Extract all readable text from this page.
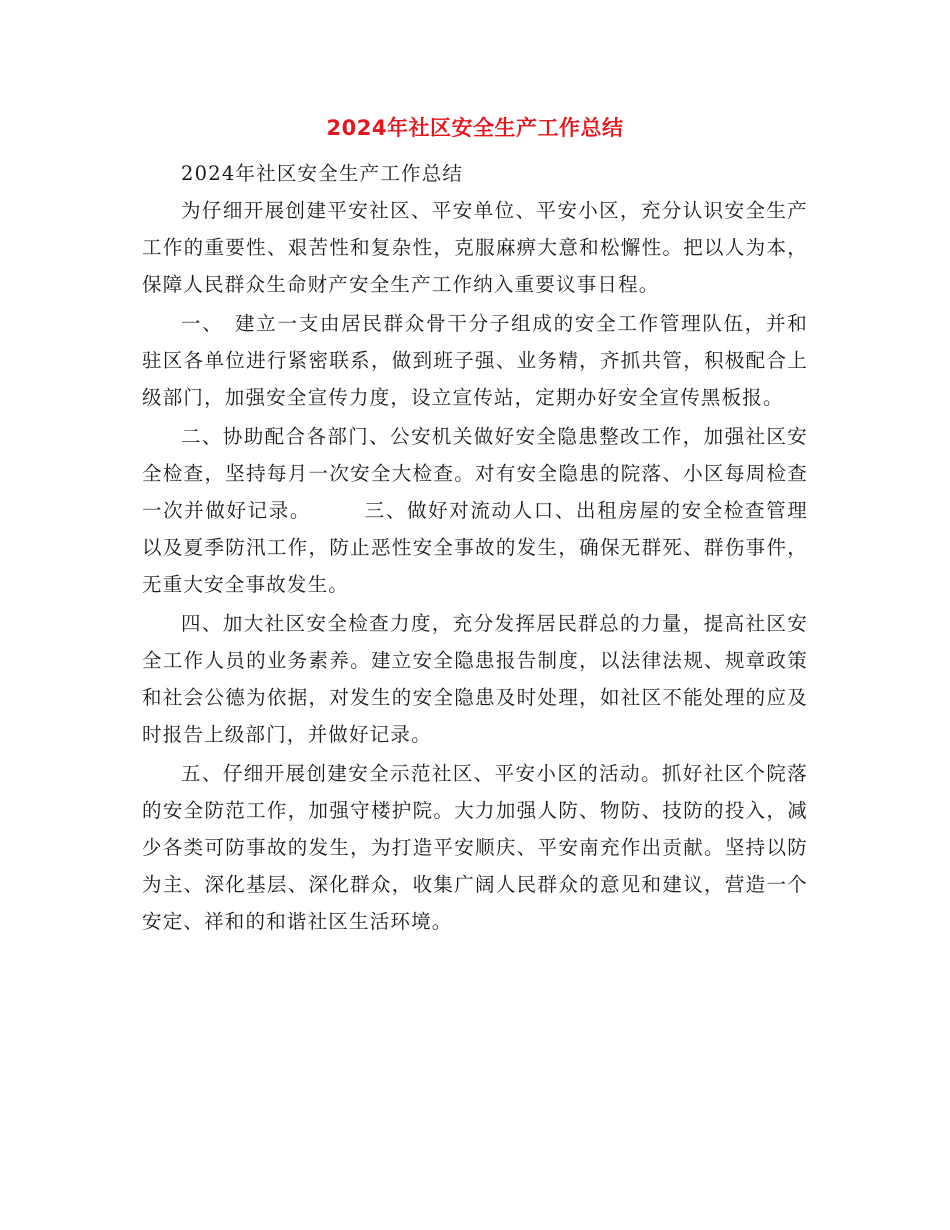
2024年社区安全生产工作总结

2024年社区安全生产工作总结

为仔细开展创建平安社区、平安单位、平安小区，充分认识安全生产工作的重要性、艰苦性和复杂性，克服麻痹大意和松懈性。把以人为本，保障人民群众生命财产安全生产工作纳入重要议事日程。

一、　建立一支由居民群众骨干分子组成的安全工作管理队伍，并和驻区各单位进行紧密联系，做到班子强、业务精，齐抓共管，积极配合上级部门，加强安全宣传力度，设立宣传站，定期办好安全宣传黑板报。

二、协助配合各部门、公安机关做好安全隐患整改工作，加强社区安全检查，坚持每月一次安全大检查。对有安全隐患的院落、小区每周检查一次并做好记录。　　　三、做好对流动人口、出租房屋的安全检查管理以及夏季防汛工作，防止恶性安全事故的发生，确保无群死、群伤事件，无重大安全事故发生。

四、加大社区安全检查力度，充分发挥居民群总的力量，提高社区安全工作人员的业务素养。建立安全隐患报告制度，以法律法规、规章政策和社会公德为依据，对发生的安全隐患及时处理，如社区不能处理的应及时报告上级部门，并做好记录。

五、仔细开展创建安全示范社区、平安小区的活动。抓好社区个院落的安全防范工作，加强守楼护院。大力加强人防、物防、技防的投入，减少各类可防事故的发生，为打造平安顺庆、平安南充作出贡献。坚持以防为主、深化基层、深化群众，收集广阔人民群众的意见和建议，营造一个安定、祥和的和谐社区生活环境。
